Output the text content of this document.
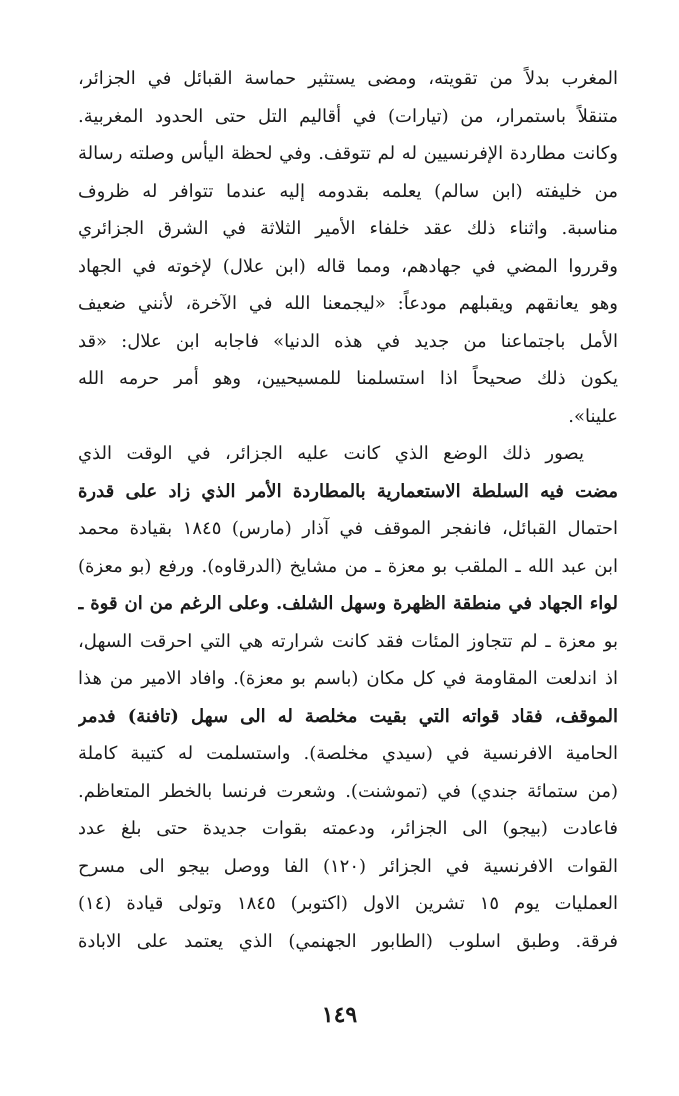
المغرب بدلاً من تقويته، ومضى يستثير حماسة القبائل في الجزائر،
متنقلاً باستمرار، من (تيارات) في أقاليم التل حتى الحدود المغربية.
وكانت مطاردة الإفرنسيين له لم تتوقف. وفي لحظة اليأس وصلته رسالة
من خليفته (ابن سالم) يعلمه بقدومه إليه عندما تتوافر له ظروف
مناسبة. واثناء ذلك عقد خلفاء الأمير الثلاثة في الشرق الجزائري
وقرروا المضي في جهادهم، ومما قاله (ابن علال) لإخوته في الجهاد
وهو يعانقهم ويقبلهم مودعاً: «ليجمعنا الله في الآخرة، لأنني ضعيف
الأمل باجتماعنا من جديد في هذه الدنيا» فاجابه ابن علال: «قد
يكون ذلك صحيحاً اذا استسلمنا للمسيحيين، وهو أمر حرمه الله
علينا».
يصور ذلك الوضع الذي كانت عليه الجزائر، في الوقت الذي
مضت فيه السلطة الاستعمارية بالمطاردة الأمر الذي زاد على قدرة
احتمال القبائل، فانفجر الموقف في آذار (مارس) ١٨٤٥ بقيادة محمد
ابن عبد الله ـ الملقب بو معزة ـ من مشايخ (الدرقاوه). ورفع (بو معزة)
لواء الجهاد في منطقة الظهرة وسهل الشلف. وعلى الرغم من ان قوة ـ
بو معزة ـ لم تتجاوز المئات فقد كانت شرارته هي التي احرقت السهل،
اذ اندلعت المقاومة في كل مكان (باسم بو معزة). وافاد الامير من هذا
الموقف، فقاد قواته التي بقيت مخلصة له الى سهل (تافنة) فدمر
الحامية الافرنسية في (سيدي مخلصة). واستسلمت له كتيبة كاملة
(من ستمائة جندي) في (تموشنت). وشعرت فرنسا بالخطر المتعاظم.
فاعادت (بيجو) الى الجزائر، ودعمته بقوات جديدة حتى بلغ عدد
القوات الافرنسية في الجزائر (١٢٠) الفا ووصل بيجو الى مسرح
العمليات يوم ١٥ تشرين الاول (اكتوبر) ١٨٤٥ وتولى قيادة (١٤)
فرقة. وطبق اسلوب (الطابور الجهنمي) الذي يعتمد على الابادة
١٤٩
